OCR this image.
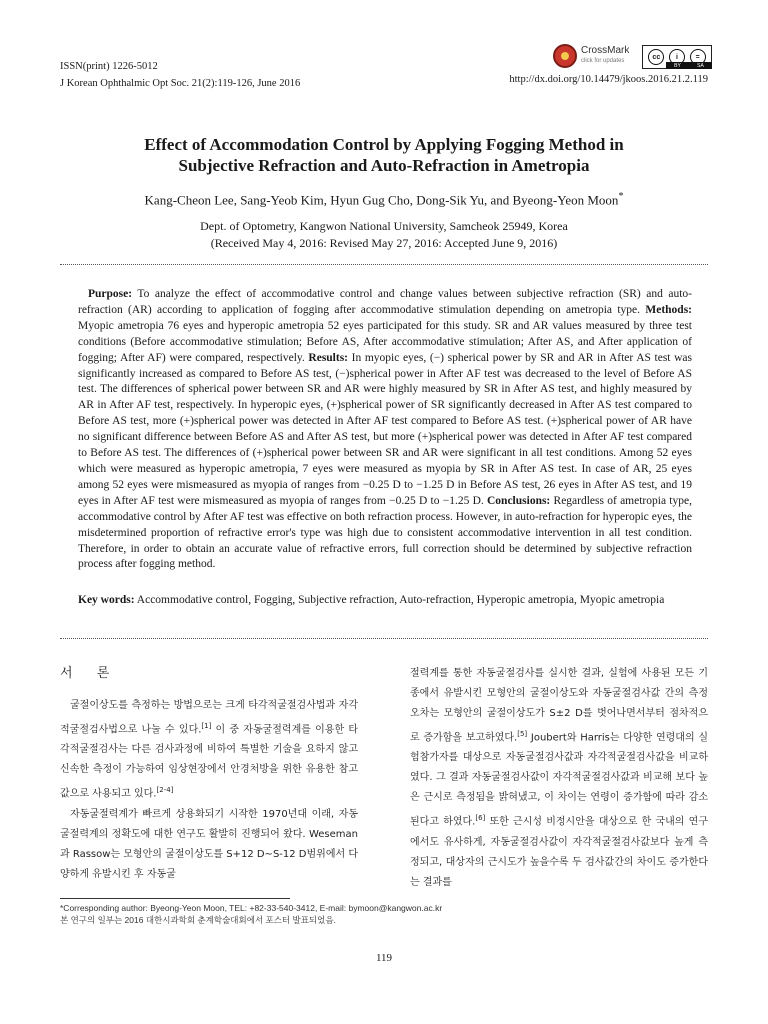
ISSN(print) 1226-5012
J Korean Ophthalmic Opt Soc. 21(2):119-126, June 2016
CrossMark
click for updates
cc	i	=
BY	SA
http://dx.doi.org/10.14479/jkoos.2016.21.2.119
Effect of Accommodation Control by Applying Fogging Method in
Subjective Refraction and Auto-Refraction in Ametropia
Kang-Cheon Lee, Sang-Yeob Kim, Hyun Gug Cho, Dong-Sik Yu, and Byeong-Yeon Moon*
Dept. of Optometry, Kangwon National University, Samcheok 25949, Korea
(Received May 4, 2016: Revised May 27, 2016: Accepted June 9, 2016)
Purpose: To analyze the effect of accommodative control and change values between subjective refraction (SR) and auto-refraction (AR) according to application of fogging after accommodative stimulation depending on ametropia type. Methods: Myopic ametropia 76 eyes and hyperopic ametropia 52 eyes participated for this study. SR and AR values measured by three test conditions (Before accommodative stimulation; Before AS, After accommodative stimulation; After AS, and After application of fogging; After AF) were compared, respectively. Results: In myopic eyes, (−) spherical power by SR and AR in After AS test was significantly increased as compared to Before AS test, (−)spherical power in After AF test was decreased to the level of Before AS test. The differences of spherical power between SR and AR were highly measured by SR in After AS test, and highly measured by AR in After AF test, respectively. In hyperopic eyes, (+)spherical power of SR significantly decreased in After AS test compared to Before AS test, more (+)spherical power was detected in After AF test compared to Before AS test. (+)spherical power of AR have no significant difference between Before AS and After AS test, but more (+)spherical power was detected in After AF test compared to Before AS test. The differences of (+)spherical power between SR and AR were significant in all test conditions. Among 52 eyes which were measured as hyperopic ametropia, 7 eyes were measured as myopia by SR in After AS test. In case of AR, 25 eyes among 52 eyes were mismeasured as myopia of ranges from −0.25 D to −1.25 D in Before AS test, 26 eyes in After AS test, and 19 eyes in After AF test were mismeasured as myopia of ranges from −0.25 D to −1.25 D. Conclusions: Regardless of ametropia type, accommodative control by After AF test was effective on both refraction process. However, in auto-refraction for hyperopic eyes, the misdetermined proportion of refractive error's type was high due to consistent accommodative intervention in all test condition. Therefore, in order to obtain an accurate value of refractive errors, full correction should be determined by subjective refraction process after fogging method.
Key words: Accommodative control, Fogging, Subjective refraction, Auto-refraction, Hyperopic ametropia, Myopic ametropia
서 론

굴절이상도를 측정하는 방법으로는 크게 타각적굴절검사법과 자각적굴절검사법으로 나눌 수 있다.[1] 이 중 자동굴절력계를 이용한 타각적굴절검사는 다른 검사과정에 비하여 특별한 기술을 요하지 않고 신속한 측정이 가능하여 임상현장에서 안경처방을 위한 유용한 참고값으로 사용되고 있다.[2-4]

자동굴절력계가 빠르게 상용화되기 시작한 1970년대 이래, 자동굴절력계의 정확도에 대한 연구도 활발히 진행되어 왔다. Weseman과 Rassow는 모형안의 굴절이상도를 S+12 D∼S-12 D범위에서 다양하게 유발시킨 후 자동굴

절력계를 통한 자동굴절검사를 실시한 결과, 실험에 사용된 모든 기종에서 유발시킨 모형안의 굴절이상도와 자동굴절검사값 간의 측정오차는 모형안의 굴절이상도가 S±2 D를 벗어나면서부터 점차적으로 증가함을 보고하였다.[5] Joubert와 Harris는 다양한 연령대의 실험참가자를 대상으로 자동굴절검사값과 자각적굴절검사값을 비교하였다. 그 결과 자동굴절검사값이 자각적굴절검사값과 비교해 보다 높은 근시로 측정됨을 밝혀냈고, 이 차이는 연령이 증가함에 따라 감소된다고 하였다.[6] 또한 근시성 비정시안을 대상으로 한 국내의 연구에서도 유사하게, 자동굴절검사값이 자각적굴절검사값보다 높게 측정되고, 대상자의 근시도가 높을수록 두 검사값간의 차이도 증가한다는 결과를

*Corresponding author: Byeong-Yeon Moon, TEL: +82-33-540-3412, E-mail: bymoon@kangwon.ac.kr
본 연구의 일부는 2016 대한시과학회 춘계학술대회에서 포스터 발표되었음.
119
